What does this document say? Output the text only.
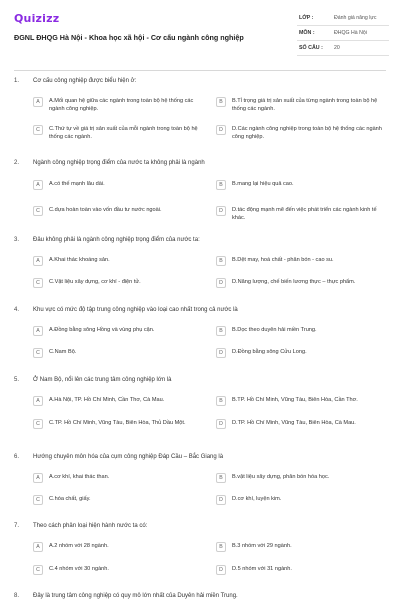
Quizizz
ĐGNL ĐHQG Hà Nội - Khoa học xã hội - Cơ cấu ngành công nghiệp
LỚP :	Đánh giá năng lực
MÔN :	ĐHQG Hà Nội
SỐ CÂU : 20
1. Cơ cấu công nghiệp được biểu hiện ở:
A	A.Mối quan hệ giữa các ngành trong toàn bộ hệ thống các ngành công nghiệp.
B	B.Tỉ trọng giá trị sản xuất của từng ngành trong toàn bộ hệ thống các ngành.
C	C.Thứ tự về giá trị sản xuất của mỗi ngành trong toàn bộ hệ thống các ngành.
D	D.Các ngành công nghiệp trong toàn bộ hệ thống các ngành công nghiệp.
2. Ngành công nghiệp trọng điểm của nước ta không phải là ngành
A	A.có thế mạnh lâu dài.	B	B.mang lại hiệu quả cao.
C	C.dựa hoàn toàn vào vốn đầu tư nước ngoài.	D	D.tác động mạnh mẽ đến việc phát triển các ngành kinh tế khác.
3. Đâu không phải là ngành công nghiệp trọng điểm của nước ta:
A	A.Khai thác khoáng sản.	B	B.Dệt may, hoá chất - phân bón - cao su.
C	C.Vật liệu xây dựng, cơ khí - điện tử.	D	D.Năng lượng, chế biến lương thực – thực phẩm.
4. Khu vực có mức độ tập trung công nghiệp vào loại cao nhất trong cả nước là
A	A.Đồng bằng sông Hồng và vùng phụ cận.	B	B.Dọc theo duyên hải miền Trung.
C	C.Nam Bộ.	D	D.Đồng bằng sông Cửu Long.
5. Ở Nam Bộ, nổi lên các trung tâm công nghiệp lớn là
A	A.Hà Nội, TP. Hồ Chí Minh, Cần Thơ, Cà Mau.	B	B.TP. Hồ Chí Minh, Vũng Tàu, Biên Hòa, Cần Thơ.
C	C.TP. Hồ Chí Minh, Vũng Tàu, Biên Hòa, Thủ Dầu Một.	D	D.TP. Hồ Chí Minh, Vũng Tàu, Biên Hòa, Cà Mau.
6. Hướng chuyên môn hóa của cụm công nghiệp Đáp Cầu – Bắc Giang là
A	A.cơ khí, khai thác than.	B	B.vật liệu xây dựng, phân bón hóa học.
C	C.hóa chất, giấy.	D	D.cơ khí, luyện kim.
7. Theo cách phân loại hiện hành nước ta có:
A	A.2 nhóm với 28 ngành.	B	B.3 nhóm với 29 ngành.
C	C.4 nhóm với 30 ngành.	D	D.5 nhóm với 31 ngành.
8. Đây là trung tâm công nghiệp có quy mô lớn nhất của Duyên hải miền Trung.
